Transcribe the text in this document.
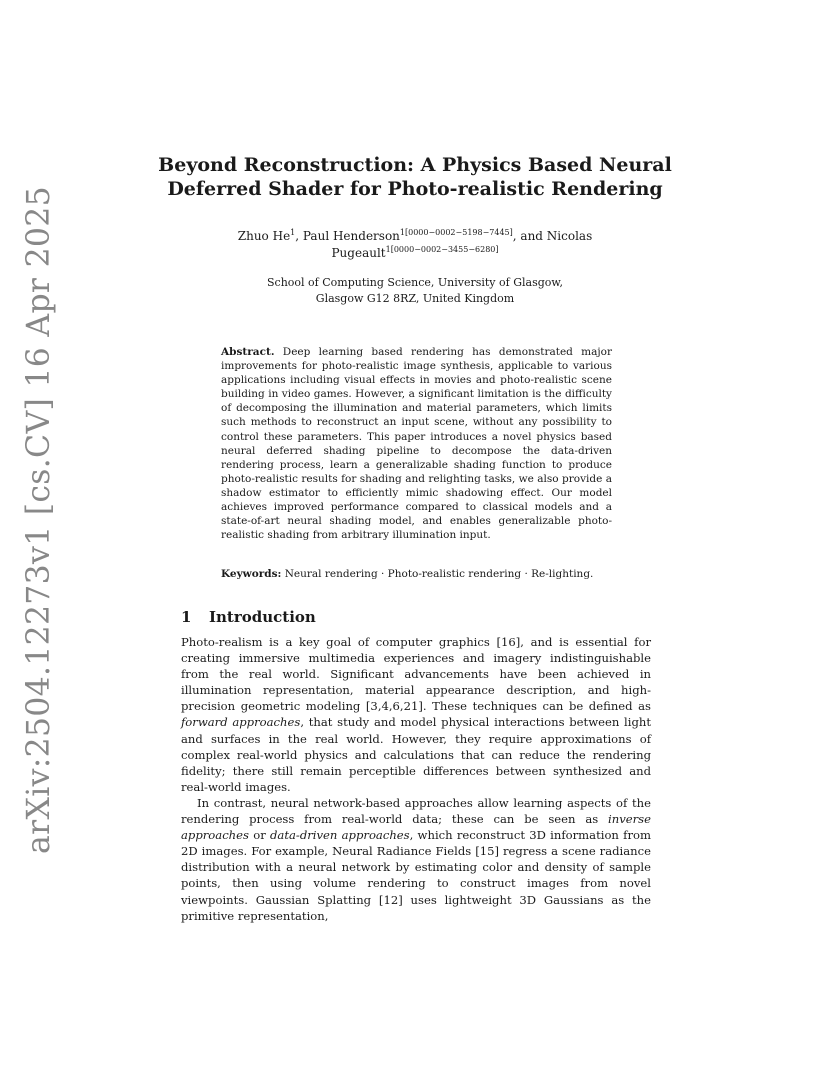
arXiv:2504.12273v1 [cs.CV] 16 Apr 2025
Beyond Reconstruction: A Physics Based Neural
Deferred Shader for Photo-realistic Rendering
Zhuo He$^1$, Paul Henderson$^{1[0000-0002-5198-7445]}$, and Nicolas
Pugeault$^{1[0000-0002-3455-6280]}$
School of Computing Science, University of Glasgow,
Glasgow G12 8RZ, United Kingdom

Abstract. Deep learning based rendering has demonstrated major improvements for photo-realistic image synthesis, applicable to various applications including visual effects in movies and photo-realistic scene building in video games. However, a significant limitation is the difficulty of decomposing the illumination and material parameters, which limits such methods to reconstruct an input scene, without any possibility to control these parameters. This paper introduces a novel physics based neural deferred shading pipeline to decompose the data-driven rendering process, learn a generalizable shading function to produce photo-realistic results for shading and relighting tasks, we also provide a shadow estimator to efficiently mimic shadowing effect. Our model achieves improved performance compared to classical models and a state-of-art neural shading model, and enables generalizable photo-realistic shading from arbitrary illumination input.

Keywords: Neural rendering · Photo-realistic rendering · Re-lighting.
1 Introduction

Photo-realism is a key goal of computer graphics [16], and is essential for creating immersive multimedia experiences and imagery indistinguishable from the real world. Significant advancements have been achieved in illumination representation, material appearance description, and high-precision geometric modeling [3,4,6,21]. These techniques can be defined as forward approaches, that study and model physical interactions between light and surfaces in the real world. However, they require approximations of complex real-world physics and calculations that can reduce the rendering fidelity; there still remain perceptible differences between synthesized and real-world images.

In contrast, neural network-based approaches allow learning aspects of the rendering process from real-world data; these can be seen as inverse approaches or data-driven approaches, which reconstruct 3D information from 2D images. For example, Neural Radiance Fields [15] regress a scene radiance distribution with a neural network by estimating color and density of sample points, then using volume rendering to construct images from novel viewpoints. Gaussian Splatting [12] uses lightweight 3D Gaussians as the primitive representation,
